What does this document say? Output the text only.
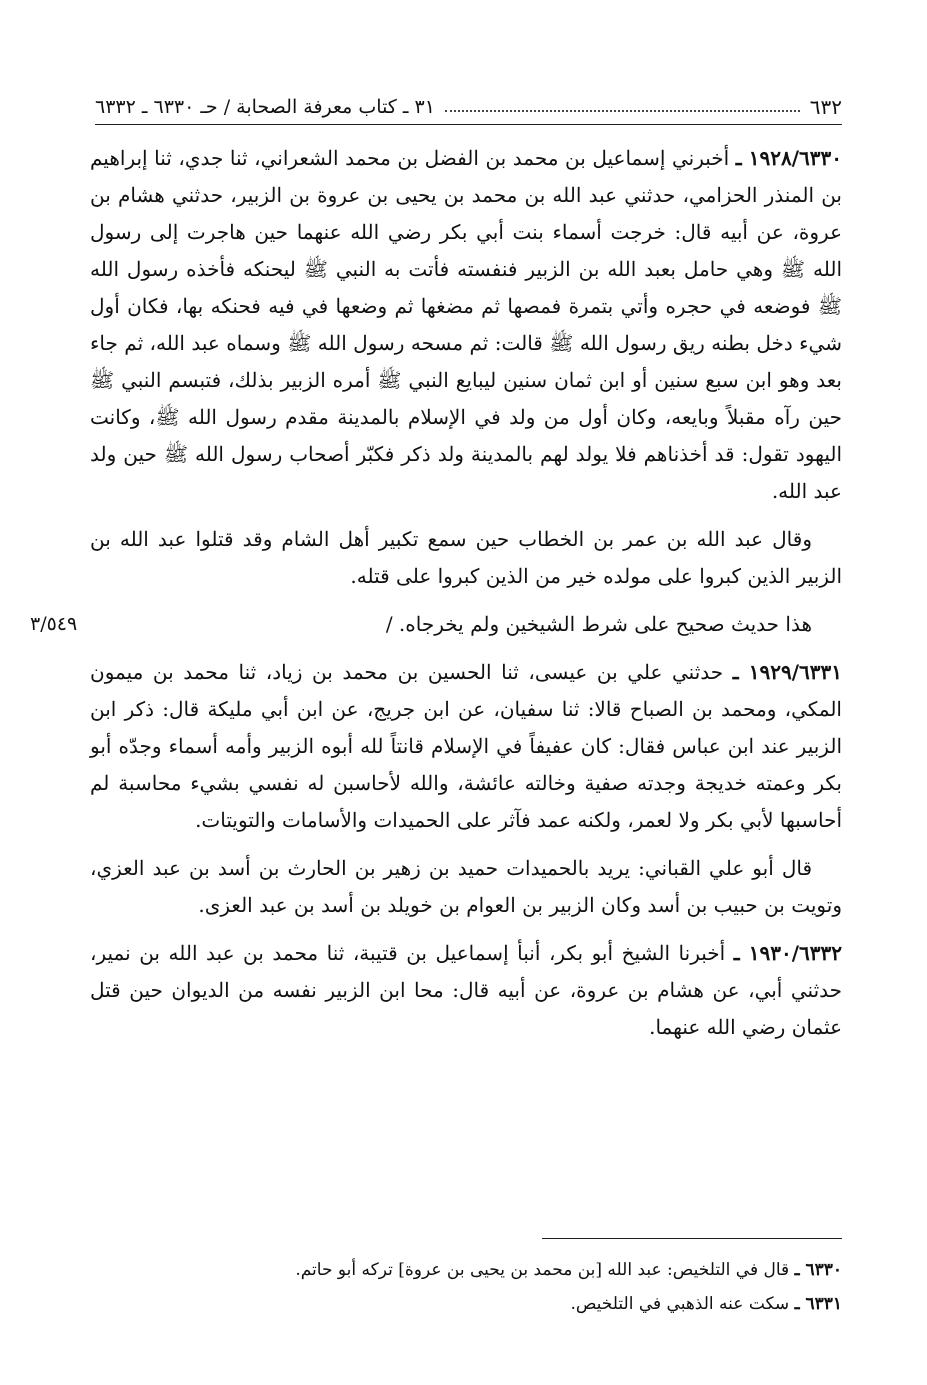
٦٣٢
٣١ ـ كتاب معرفة الصحابة / حـ ٦٣٣٠ ـ ٦٣٣٢

١٩٢٨/٦٣٣٠ ـ أخبرني إسماعيل بن محمد بن الفضل بن محمد الشعراني، ثنا جدي، ثنا إبراهيم بن المنذر الحزامي، حدثني عبد الله بن محمد بن يحيى بن عروة بن الزبير، حدثني هشام بن عروة، عن أبيه قال: خرجت أسماء بنت أبي بكر رضي الله عنهما حين هاجرت إلى رسول الله ﷺ وهي حامل بعبد الله بن الزبير فنفسته فأتت به النبي ﷺ ليحنكه فأخذه رسول الله ﷺ فوضعه في حجره وأتي بتمرة فمصها ثم مضغها ثم وضعها في فيه فحنكه بها، فكان أول شيء دخل بطنه ريق رسول الله ﷺ قالت: ثم مسحه رسول الله ﷺ وسماه عبد الله، ثم جاء بعد وهو ابن سبع سنين أو ابن ثمان سنين ليبايع النبي ﷺ أمره الزبير بذلك، فتبسم النبي ﷺ حين رآه مقبلاً وبايعه، وكان أول من ولد في الإسلام بالمدينة مقدم رسول الله ﷺ، وكانت اليهود تقول: قد أخذناهم فلا يولد لهم بالمدينة ولد ذكر فكبّر أصحاب رسول الله ﷺ حين ولد عبد الله.

وقال عبد الله بن عمر بن الخطاب حين سمع تكبير أهل الشام وقد قتلوا عبد الله بن الزبير الذين كبروا على مولده خير من الذين كبروا على قتله.

هذا حديث صحيح على شرط الشيخين ولم يخرجاه. /
٣/٥٤٩

١٩٢٩/٦٣٣١ ـ حدثني علي بن عيسى، ثنا الحسين بن محمد بن زياد، ثنا محمد بن ميمون المكي، ومحمد بن الصباح قالا: ثنا سفيان، عن ابن جريج، عن ابن أبي مليكة قال: ذكر ابن الزبير عند ابن عباس فقال: كان عفيفاً في الإسلام قانتاً لله أبوه الزبير وأمه أسماء وجدّه أبو بكر وعمته خديجة وجدته صفية وخالته عائشة، والله لأحاسبن له نفسي بشيء محاسبة لم أحاسبها لأبي بكر ولا لعمر، ولكنه عمد فآثر على الحميدات والأسامات والتويتات.

قال أبو علي القباني: يريد بالحميدات حميد بن زهير بن الحارث بن أسد بن عبد العزي، وتويت بن حبيب بن أسد وكان الزبير بن العوام بن خويلد بن أسد بن عبد العزى.

١٩٣٠/٦٣٣٢ ـ أخبرنا الشيخ أبو بكر، أنبأ إسماعيل بن قتيبة، ثنا محمد بن عبد الله بن نمير، حدثني أبي، عن هشام بن عروة، عن أبيه قال: محا ابن الزبير نفسه من الديوان حين قتل عثمان رضي الله عنهما.

٦٣٣٠ ـ قال في التلخيص: عبد الله [بن محمد بن يحيى بن عروة] تركه أبو حاتم.
٦٣٣١ ـ سكت عنه الذهبي في التلخيص.
